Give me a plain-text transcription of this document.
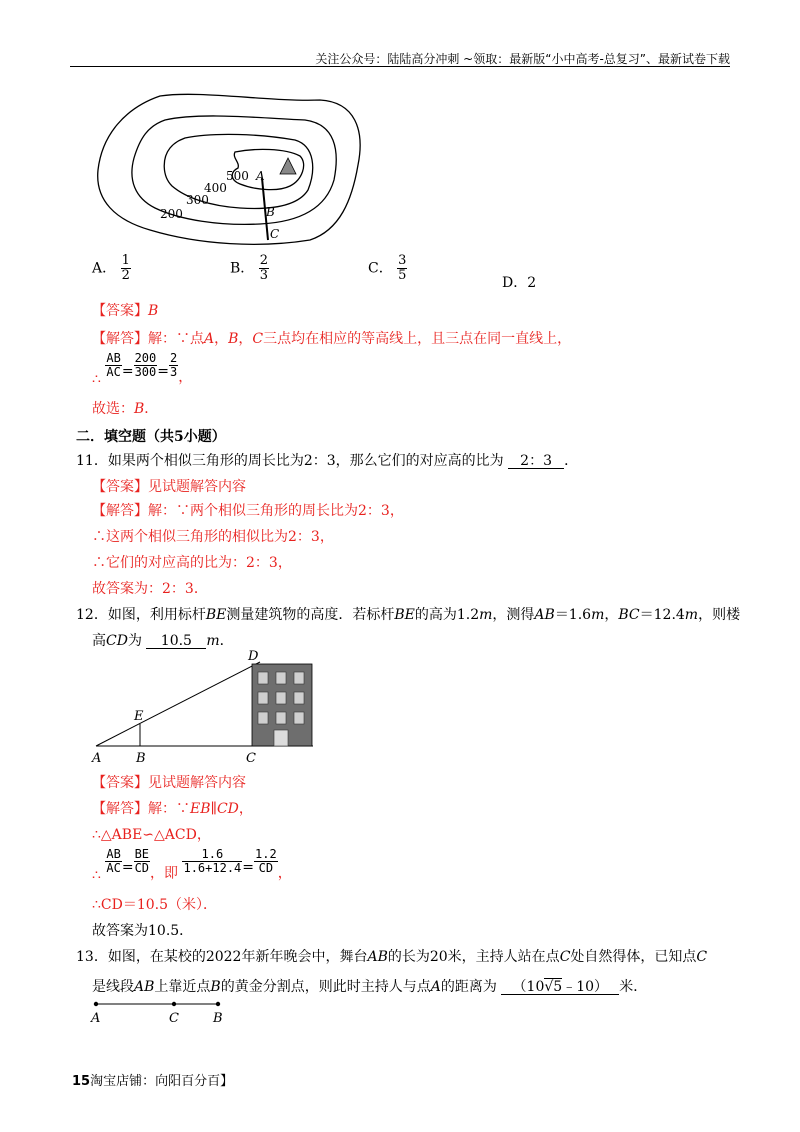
关注公众号：陆陆高分冲刺 ~领取：最新版“小中高考-总复习”、最新试卷下载
500
400
300
200
A
B
C
A． $\frac{1}{2}$	B． $\frac{2}{3}$	C． $\frac{3}{5}$	D．2
【答案】B
【解答】解：∵点A，B，C三点均在相应的等高线上，且三点在同一直线上，
∴
$\frac{AB}{AC} = \frac{200}{300} = \frac{2}{3}$ ，
故选：B．
二．填空题（共5小题）
11．如果两个相似三角形的周长比为2：3，那么它们的对应高的比为 2：3 ．
【答案】见试题解答内容
【解答】解：∵两个相似三角形的周长比为2：3，
∴这两个相似三角形的相似比为2：3，
∴它们的对应高的比为：2：3，
故答案为：2：3．
12．如图，利用标杆BE测量建筑物的高度．若标杆BE的高为1.2m，测得AB＝1.6m，BC＝12.4m，则楼
高CD为 10.5 m．
D
E
A	B	C
【答案】见试题解答内容
【解答】解：∵EB∥CD，
∴△ABE∽△ACD，
∴
$\frac{AB}{AC} = \frac{BE}{CD}$ ，即 $\frac{1.6}{1.6+12.4} = \frac{1.2}{CD}$ ，
∴CD＝10.5（米）．
故答案为10.5．
13．如图，在某校的2022年新年晚会中，舞台AB的长为20米，主持人站在点C处自然得体，已知点C
是线段AB上靠近点B的黄金分割点，则此时主持人与点A的距离为 （10√5﹣10） 米．
A	C	B
15淘宝店铺：向阳百分百】
